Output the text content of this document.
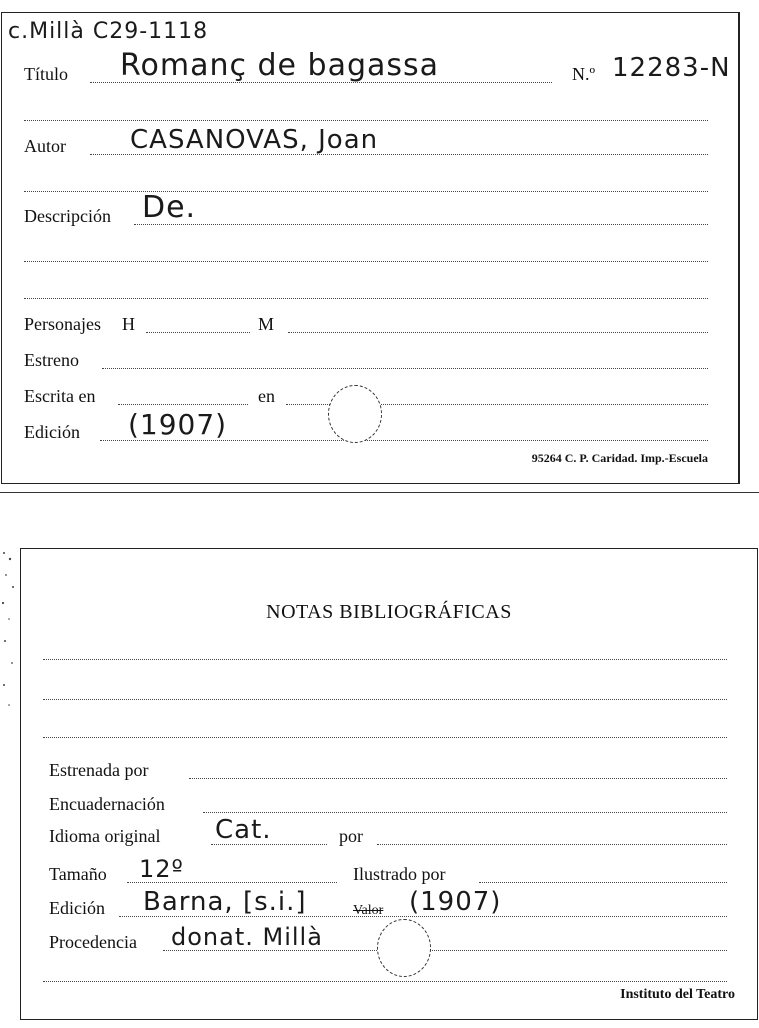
c.Millà C29-1118
Título Romanç de bagassa	N.º 12283-N
Autor CASANOVAS, Joan
Descripción De.
Personajes H	M
Estreno
Escrita en	en
Edición (1907)
95264 C. P. Caridad. Imp.-Escuela
NOTAS BIBLIOGRÁFICAS
Estrenada por
Encuadernación
Idioma original Cat.	por
Tamaño 12º	Ilustrado por
Edición Barna, [s.i.]	Valor (1907)
Procedencia donat. Millà
Instituto del Teatro
